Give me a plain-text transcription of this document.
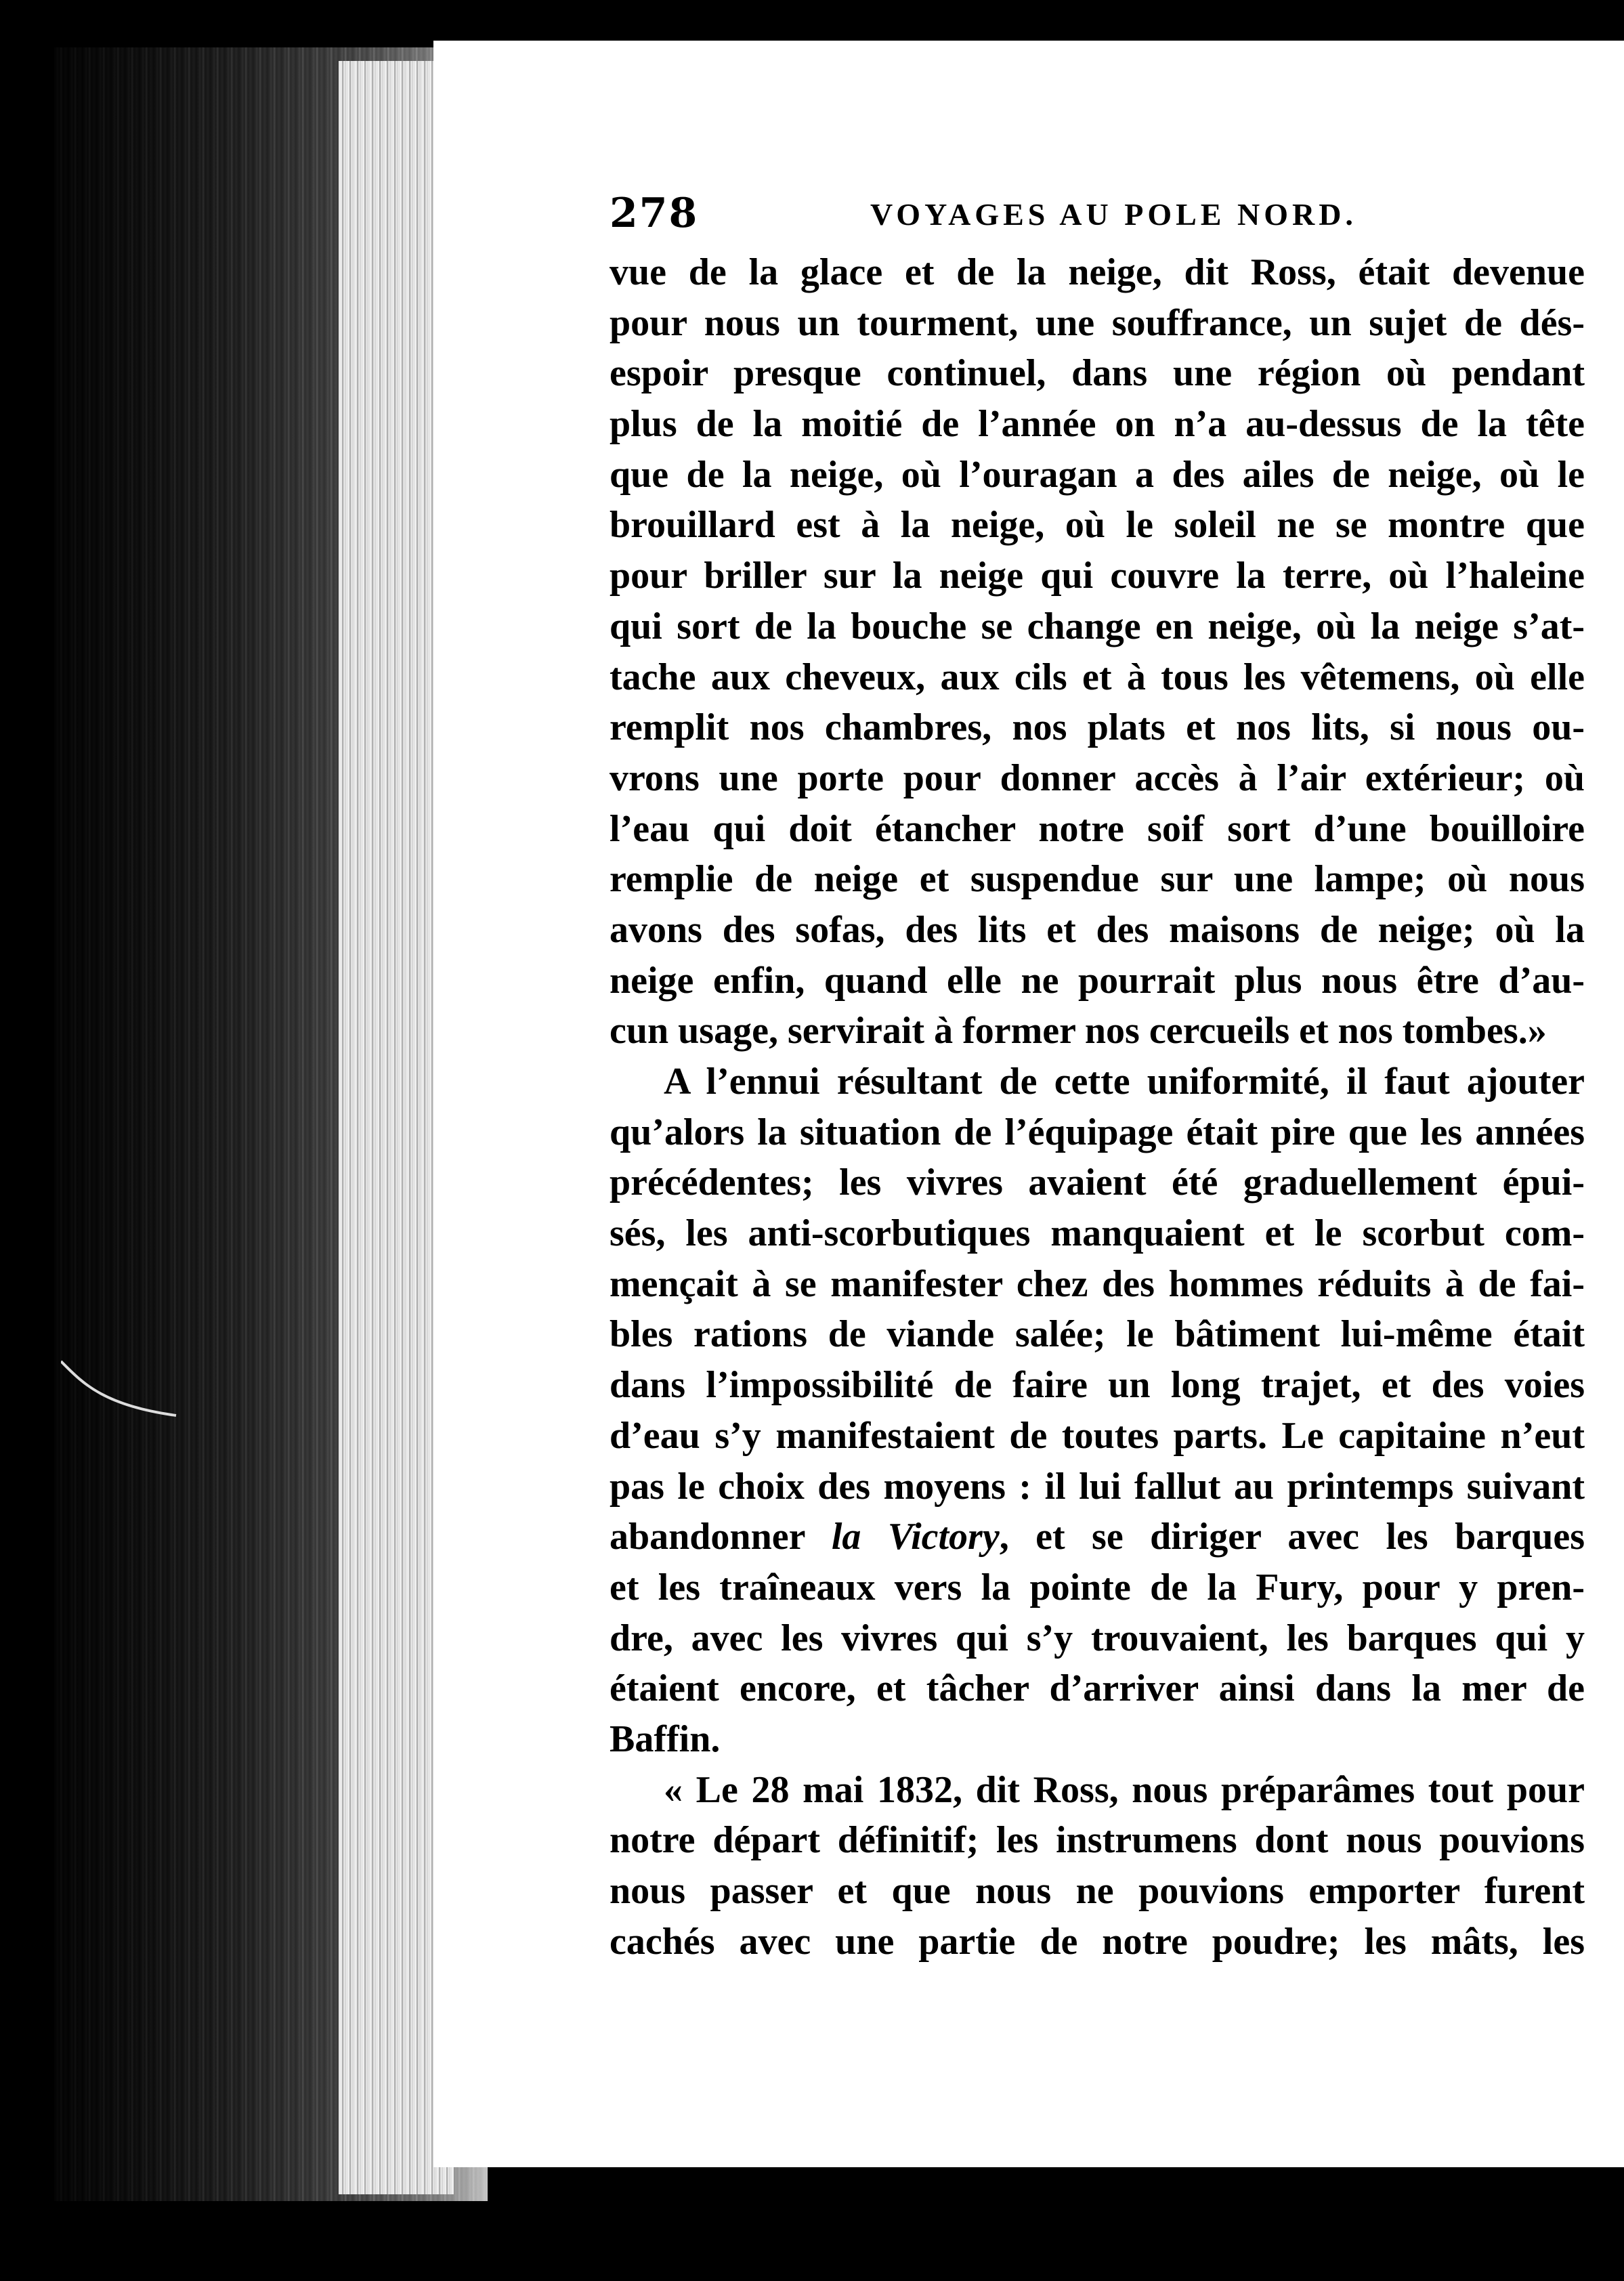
278	VOYAGES AU POLE NORD.
vue de la glace et de la neige, dit Ross, était devenue
pour nous un tourment, une souffrance, un sujet de dés-
espoir presque continuel, dans une région où pendant
plus de la moitié de l’année on n’a au-dessus de la tête
que de la neige, où l’ouragan a des ailes de neige, où le
brouillard est à la neige, où le soleil ne se montre que
pour briller sur la neige qui couvre la terre, où l’haleine
qui sort de la bouche se change en neige, où la neige s’at-
tache aux cheveux, aux cils et à tous les vêtemens, où elle
remplit nos chambres, nos plats et nos lits, si nous ou-
vrons une porte pour donner accès à l’air extérieur; où
l’eau qui doit étancher notre soif sort d’une bouilloire
remplie de neige et suspendue sur une lampe; où nous
avons des sofas, des lits et des maisons de neige; où la
neige enfin, quand elle ne pourrait plus nous être d’au-
cun usage, servirait à former nos cercueils et nos tombes.»
A l’ennui résultant de cette uniformité, il faut ajouter
qu’alors la situation de l’équipage était pire que les années
précédentes; les vivres avaient été graduellement épui-
sés, les anti-scorbutiques manquaient et le scorbut com-
mençait à se manifester chez des hommes réduits à de fai-
bles rations de viande salée; le bâtiment lui-même était
dans l’impossibilité de faire un long trajet, et des voies
d’eau s’y manifestaient de toutes parts. Le capitaine n’eut
pas le choix des moyens : il lui fallut au printemps suivant
abandonner la Victory, et se diriger avec les barques
et les traîneaux vers la pointe de la Fury, pour y pren-
dre, avec les vivres qui s’y trouvaient, les barques qui y
étaient encore, et tâcher d’arriver ainsi dans la mer de
Baffin.
« Le 28 mai 1832, dit Ross, nous préparâmes tout pour
notre départ définitif; les instrumens dont nous pouvions
nous passer et que nous ne pouvions emporter furent
cachés avec une partie de notre poudre; les mâts, les
